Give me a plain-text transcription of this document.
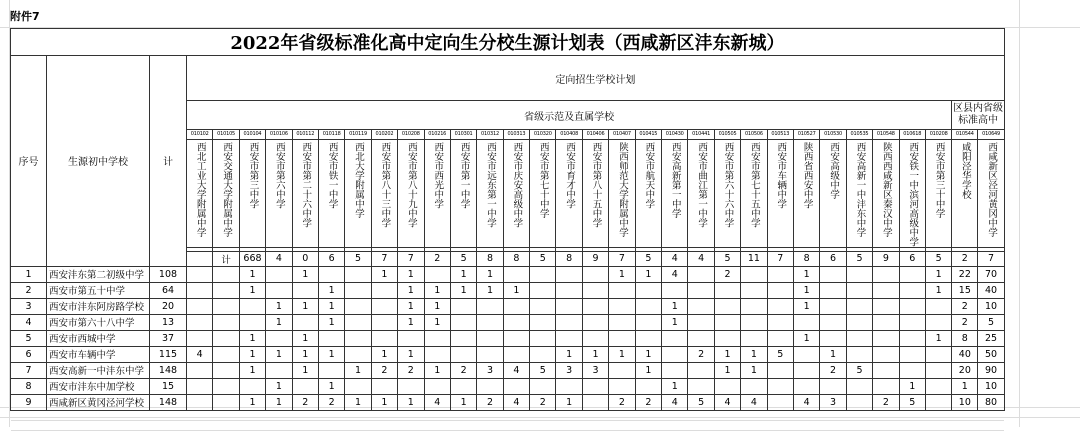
附件7
2022年省级标准化高中定向生分校生源计划表（西咸新区沣东新城）																																		
序号	生源初中学校	计	定向招生学校计划																															
			省级示范及直属学校																													区县内省级标准高中		
			010102	010105	010104	010106	010112	010118	010119	010202	010208	010216	010301	010312	010313	010320	010408	010406	010407	010415	010430	010441	010505	010506	010513	010527	010530	010535	010548	010618	010208	010544	010649	

			西北工业大学附属中学	西安交通大学附属中学	西安市第三中学	西安市第六中学	西安市第二十六中学	西安市铁一中学	西北大学附属中学	西安市第八十三中学	西安市第八十九中学	西安市西光中学	西安市第一中学	西安市远东第一中学	西安市庆安高级中学	西安市第七十中学	西安市育才中学	西安市第八十五中学	陕西师范大学附属中学	西安市航天中学	西安高新第一中学	西安市曲江第一中学	西安市第六十六中学	西安市第七十五中学	西安市车辆中学	陕西省西安中学	西安高级中学	西安高新一中沣东中学	陕西西咸新区秦汉中学	西安铁一中滨河高级中学	西安市第三十中学	咸阳泾华学校	西咸新区泾河黄冈中学	

				计	668	4	0	6	5	7	7	2	5	8	8	5	8	9	7	5	4	4	5	11	7	8	6	5	9	6	5	2	7			
1	西安沣东第二初级中学	108			1		1			1	1		1	1					1	1	4		2			1					1	22	70	
2	西安市第五十中学	64			1			1			1	1	1	1	1											1					1	15	40	
3	西安市沣东阿房路学校	20				1	1	1			1	1									1					1						2	10	
4	西安市第六十八中学	13				1		1			1	1									1											2	5	
5	西安市西城中学	37			1		1																			1					1	8	25	
6	西安市车辆中学	115	4		1	1	1	1		1	1						1	1	1	1		2	1	1	5		1					40	50	
7	西安高新一中沣东中学	148			1		1		1	2	2	1	2	3	4	5	3	3		1			1	1			2	5				20	90	
8	西安市沣东中加学校	15				1		1													1									1		1	10	
9	西咸新区黄冈泾河学校	148			1	1	2	2	1	1	1	4	1	2	4	2	1		2	2	4	5	4	4		4	3		2	5		10	80	
